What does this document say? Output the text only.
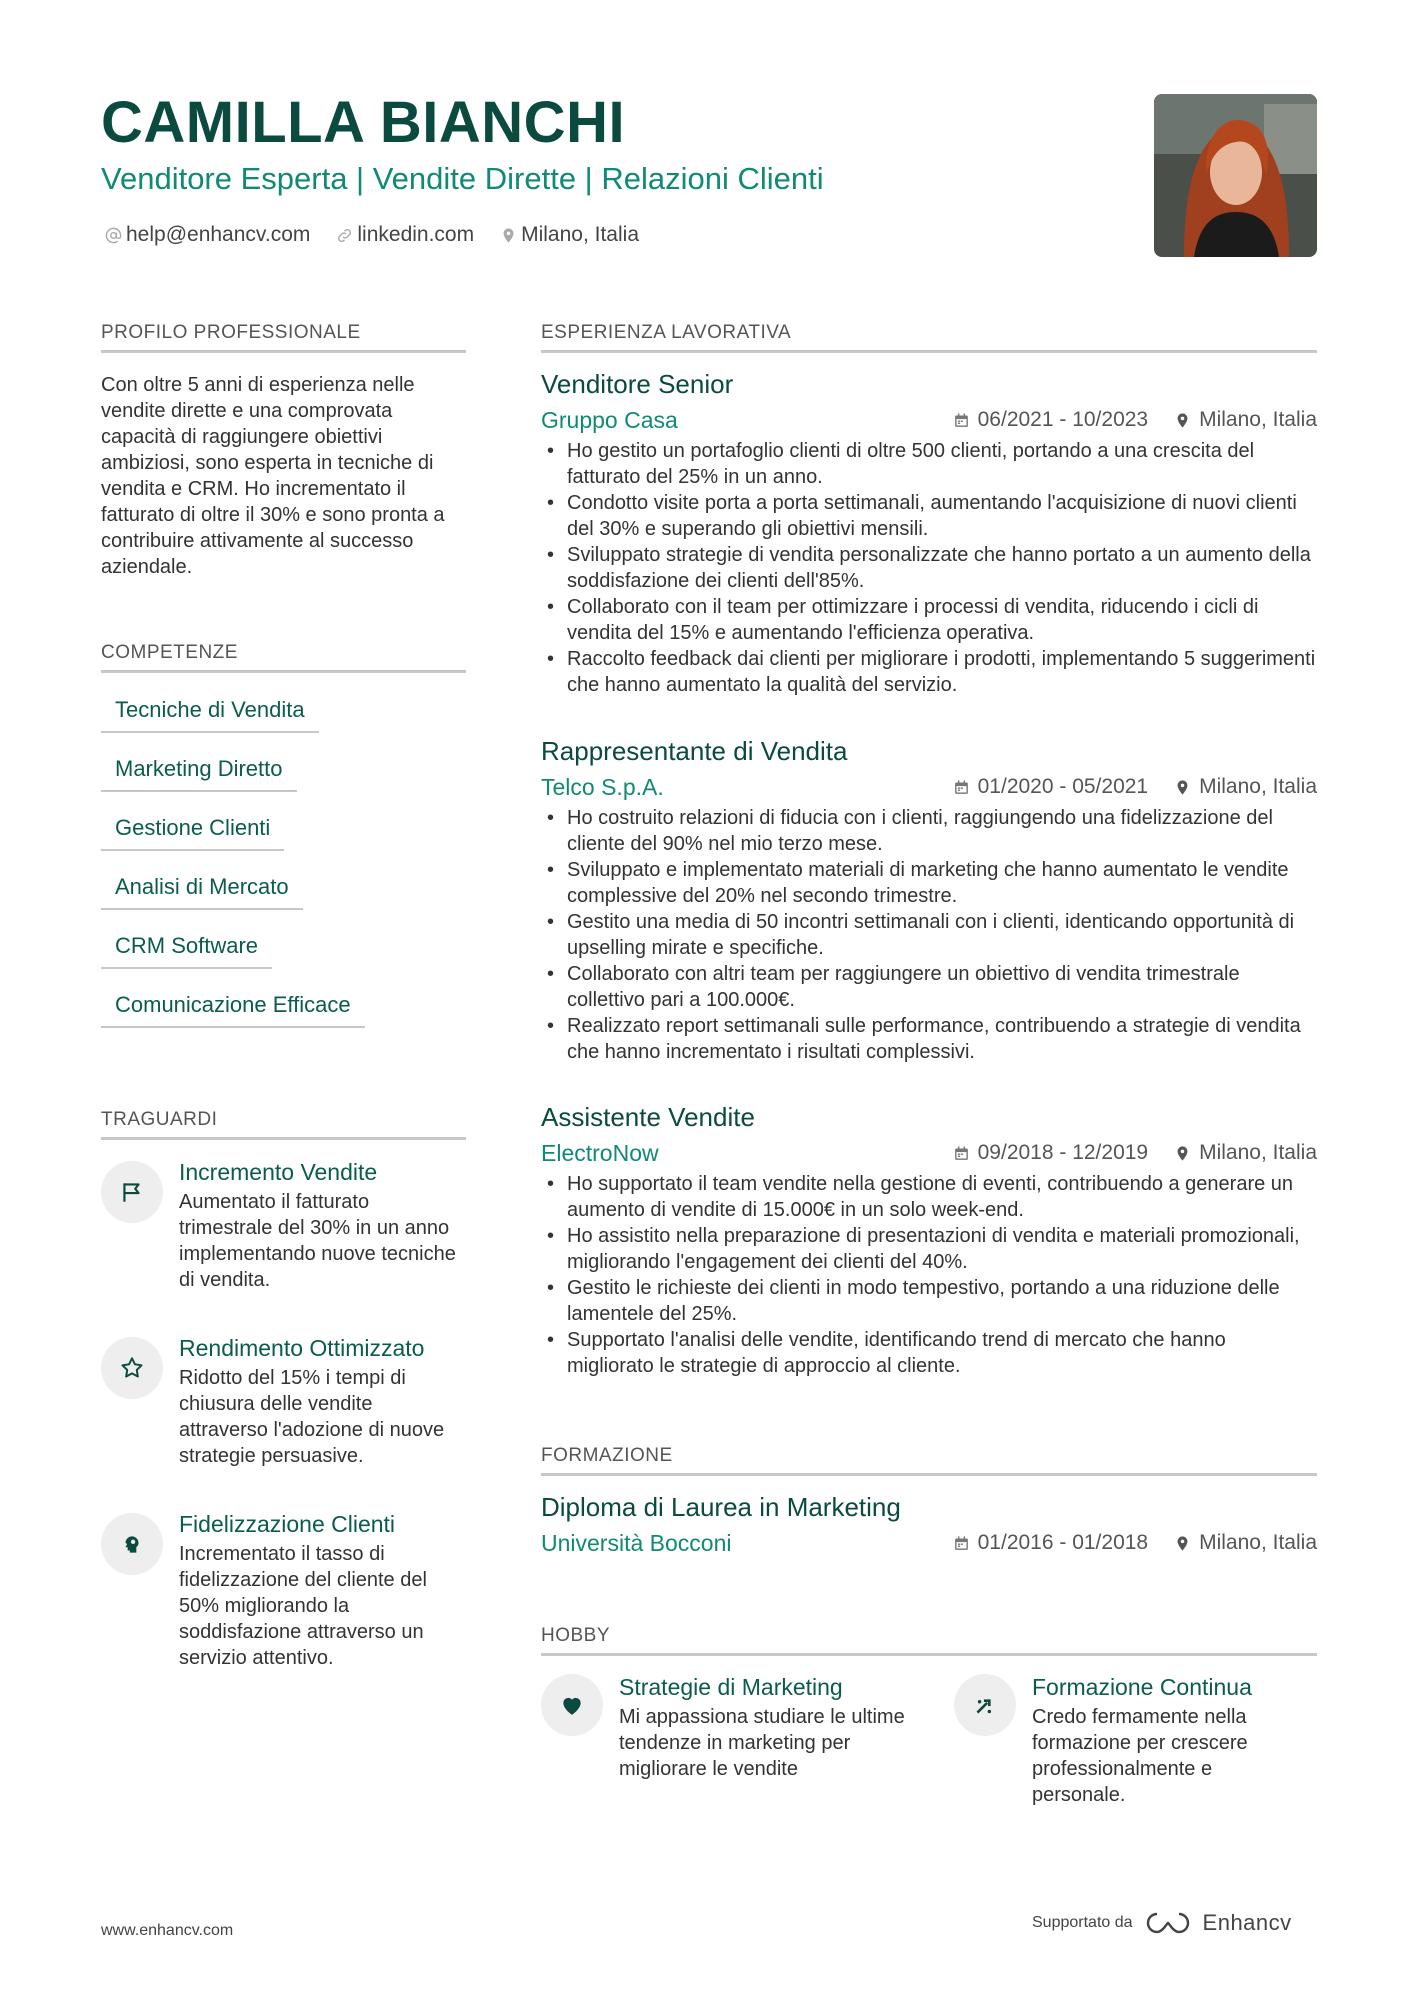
CAMILLA BIANCHI
Venditore Esperta | Vendite Dirette | Relazioni Clienti
help@enhancv.com linkedin.com Milano, Italia
PROFILO PROFESSIONALE
Con oltre 5 anni di esperienza nelle vendite dirette e una comprovata capacità di raggiungere obiettivi ambiziosi, sono esperta in tecniche di vendita e CRM. Ho incrementato il fatturato di oltre il 30% e sono pronta a contribuire attivamente al successo aziendale.
COMPETENZE
Tecniche di Vendita
Marketing Diretto
Gestione Clienti
Analisi di Mercato
CRM Software
Comunicazione Efficace
TRAGUARDI
Incremento Vendite
Aumentato il fatturato trimestrale del 30% in un anno implementando nuove tecniche di vendita.
Rendimento Ottimizzato
Ridotto del 15% i tempi di chiusura delle vendite attraverso l'adozione di nuove strategie persuasive.
Fidelizzazione Clienti
Incrementato il tasso di fidelizzazione del cliente del 50% migliorando la soddisfazione attraverso un servizio attentivo.
ESPERIENZA LAVORATIVA
Venditore Senior
Gruppo Casa	06/2021 - 10/2023 Milano, Italia
• Ho gestito un portafoglio clienti di oltre 500 clienti, portando a una crescita del fatturato del 25% in un anno.
• Condotto visite porta a porta settimanali, aumentando l'acquisizione di nuovi clienti del 30% e superando gli obiettivi mensili.
• Sviluppato strategie di vendita personalizzate che hanno portato a un aumento della soddisfazione dei clienti dell'85%.
• Collaborato con il team per ottimizzare i processi di vendita, riducendo i cicli di vendita del 15% e aumentando l'efficienza operativa.
• Raccolto feedback dai clienti per migliorare i prodotti, implementando 5 suggerimenti che hanno aumentato la qualità del servizio.
Rappresentante di Vendita
Telco S.p.A.	01/2020 - 05/2021 Milano, Italia
• Ho costruito relazioni di fiducia con i clienti, raggiungendo una fidelizzazione del cliente del 90% nel mio terzo mese.
• Sviluppato e implementato materiali di marketing che hanno aumentato le vendite complessive del 20% nel secondo trimestre.
• Gestito una media di 50 incontri settimanali con i clienti, identicando opportunità di upselling mirate e specifiche.
• Collaborato con altri team per raggiungere un obiettivo di vendita trimestrale collettivo pari a 100.000€.
• Realizzato report settimanali sulle performance, contribuendo a strategie di vendita che hanno incrementato i risultati complessivi.
Assistente Vendite
ElectroNow	09/2018 - 12/2019 Milano, Italia
• Ho supportato il team vendite nella gestione di eventi, contribuendo a generare un aumento di vendite di 15.000€ in un solo week-end.
• Ho assistito nella preparazione di presentazioni di vendita e materiali promozionali, migliorando l'engagement dei clienti del 40%.
• Gestito le richieste dei clienti in modo tempestivo, portando a una riduzione delle lamentele del 25%.
• Supportato l'analisi delle vendite, identificando trend di mercato che hanno migliorato le strategie di approccio al cliente.
FORMAZIONE
Diploma di Laurea in Marketing
Università Bocconi	01/2016 - 01/2018 Milano, Italia
HOBBY
Strategie di Marketing
Mi appassiona studiare le ultime tendenze in marketing per migliorare le vendite
Formazione Continua
Credo fermamente nella formazione per crescere professionalmente e personale.
www.enhancv.com	Supportato da	Enhancv
